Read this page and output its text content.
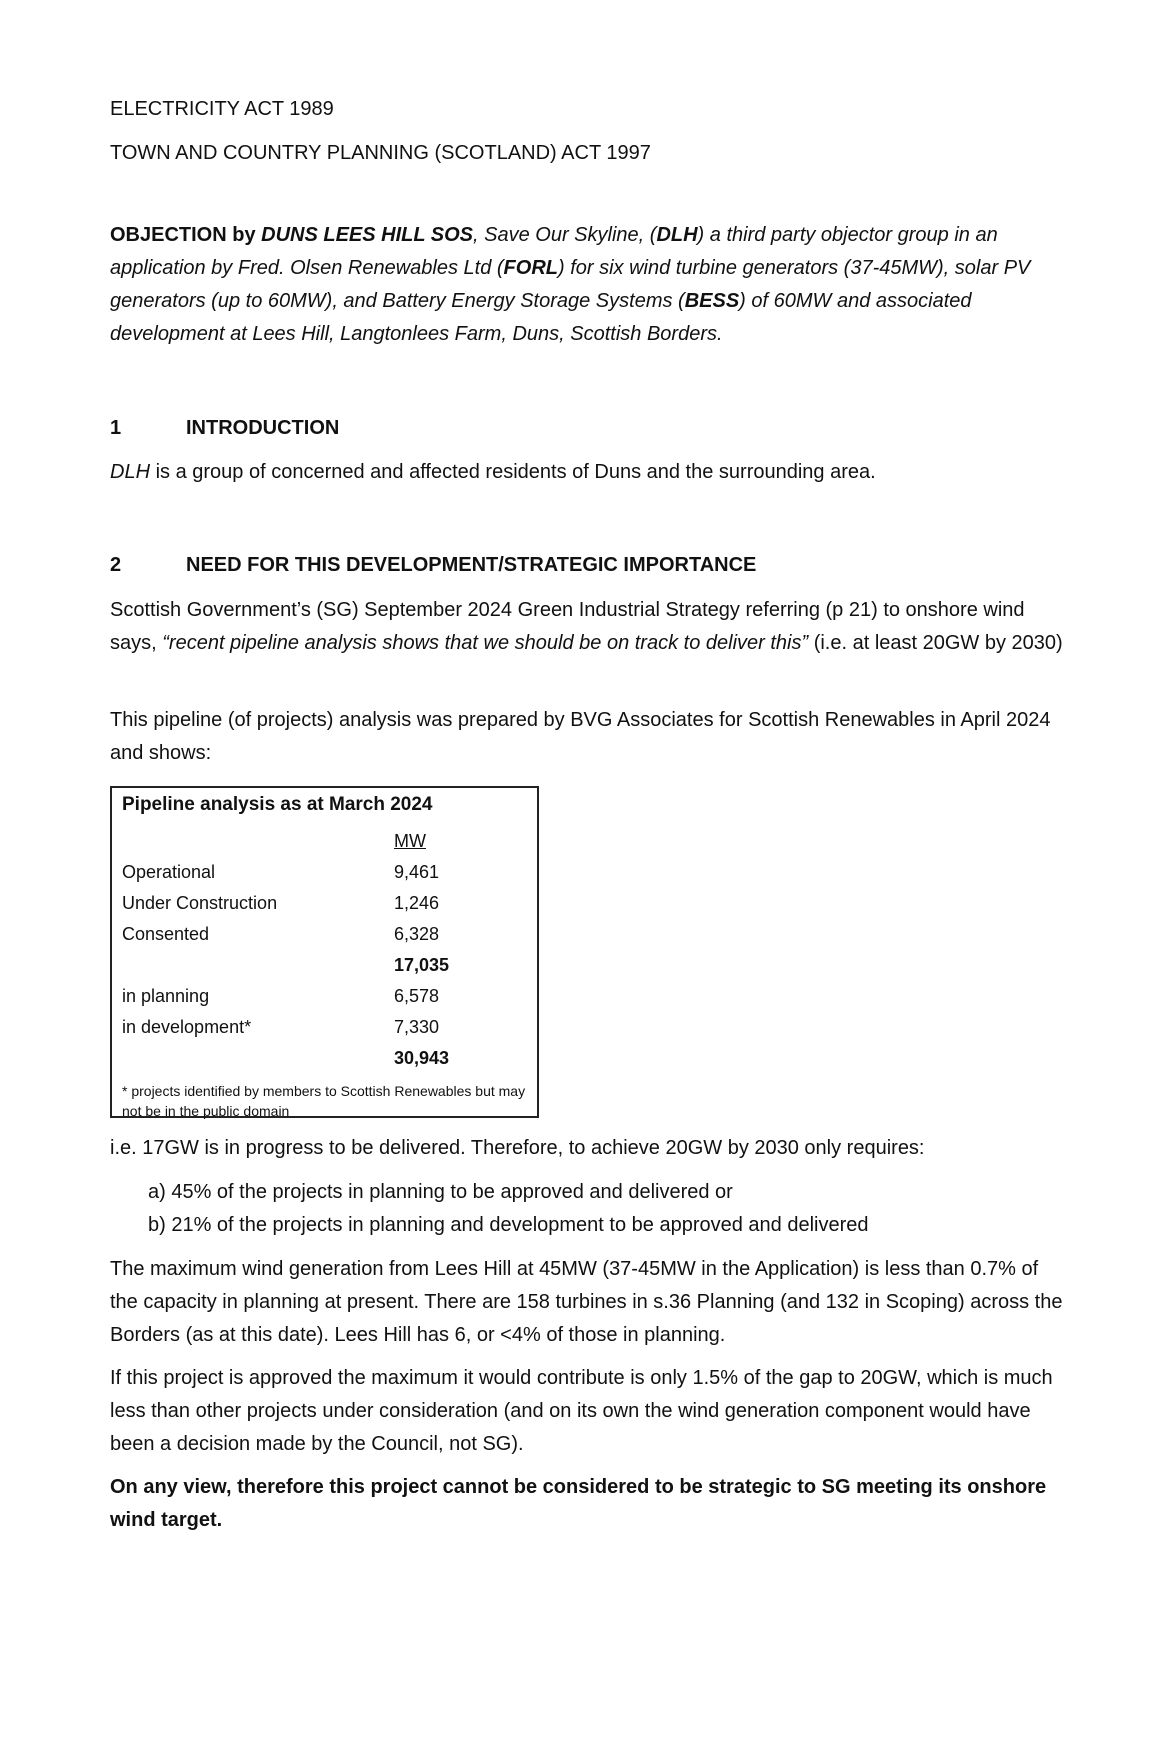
ELECTRICITY ACT 1989

TOWN AND COUNTRY PLANNING (SCOTLAND) ACT 1997

OBJECTION by DUNS LEES HILL SOS, Save Our Skyline, (DLH) a third party objector group in an application by Fred. Olsen Renewables Ltd (FORL) for six wind turbine generators (37-45MW), solar PV generators (up to 60MW), and Battery Energy Storage Systems (BESS) of 60MW and associated development at Lees Hill, Langtonlees Farm, Duns, Scottish Borders.

1	INTRODUCTION

DLH is a group of concerned and affected residents of Duns and the surrounding area.

2	NEED FOR THIS DEVELOPMENT/STRATEGIC IMPORTANCE

Scottish Government’s (SG) September 2024 Green Industrial Strategy referring (p 21) to onshore wind says, “recent pipeline analysis shows that we should be on track to deliver this” (i.e. at least 20GW by 2030)

This pipeline (of projects) analysis was prepared by BVG Associates for Scottish Renewables in April 2024 and shows:

Pipeline analysis as at March 2024
MW
Operational	9,461
Under Construction	1,246
Consented	6,328
17,035
in planning	6,578
in development*	7,330
30,943
* projects identified by members to Scottish Renewables but may not be in the public domain

i.e. 17GW is in progress to be delivered. Therefore, to achieve 20GW by 2030 only requires:

a) 45% of the projects in planning to be approved and delivered or
b) 21% of the projects in planning and development to be approved and delivered

The maximum wind generation from Lees Hill at 45MW (37-45MW in the Application) is less than 0.7% of the capacity in planning at present. There are 158 turbines in s.36 Planning (and 132 in Scoping) across the Borders (as at this date). Lees Hill has 6, or <4% of those in planning.

If this project is approved the maximum it would contribute is only 1.5% of the gap to 20GW, which is much less than other projects under consideration (and on its own the wind generation component would have been a decision made by the Council, not SG).

On any view, therefore this project cannot be considered to be strategic to SG meeting its onshore wind target.
